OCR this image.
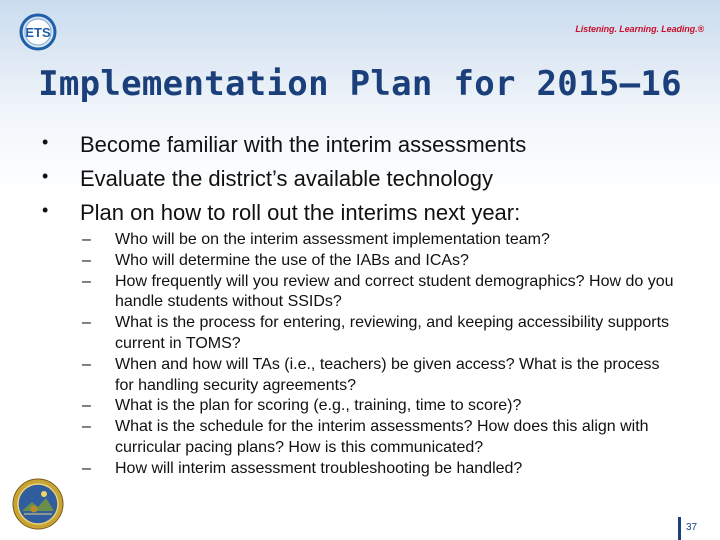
ETS	Listening. Learning. Leading.®
Implementation Plan for 2015–16
• Become familiar with the interim assessments
• Evaluate the district’s available technology
• Plan on how to roll out the interims next year:
– Who will be on the interim assessment implementation team?
– Who will determine the use of the IABs and ICAs?
– How frequently will you review and correct student demographics? How do you handle students without SSIDs?
– What is the process for entering, reviewing, and keeping accessibility supports current in TOMS?
– When and how will TAs (i.e., teachers) be given access? What is the process for handling security agreements?
– What is the plan for scoring (e.g., training, time to score)?
– What is the schedule for the interim assessments? How does this align with curricular pacing plans? How is this communicated?
– How will interim assessment troubleshooting be handled?
37
